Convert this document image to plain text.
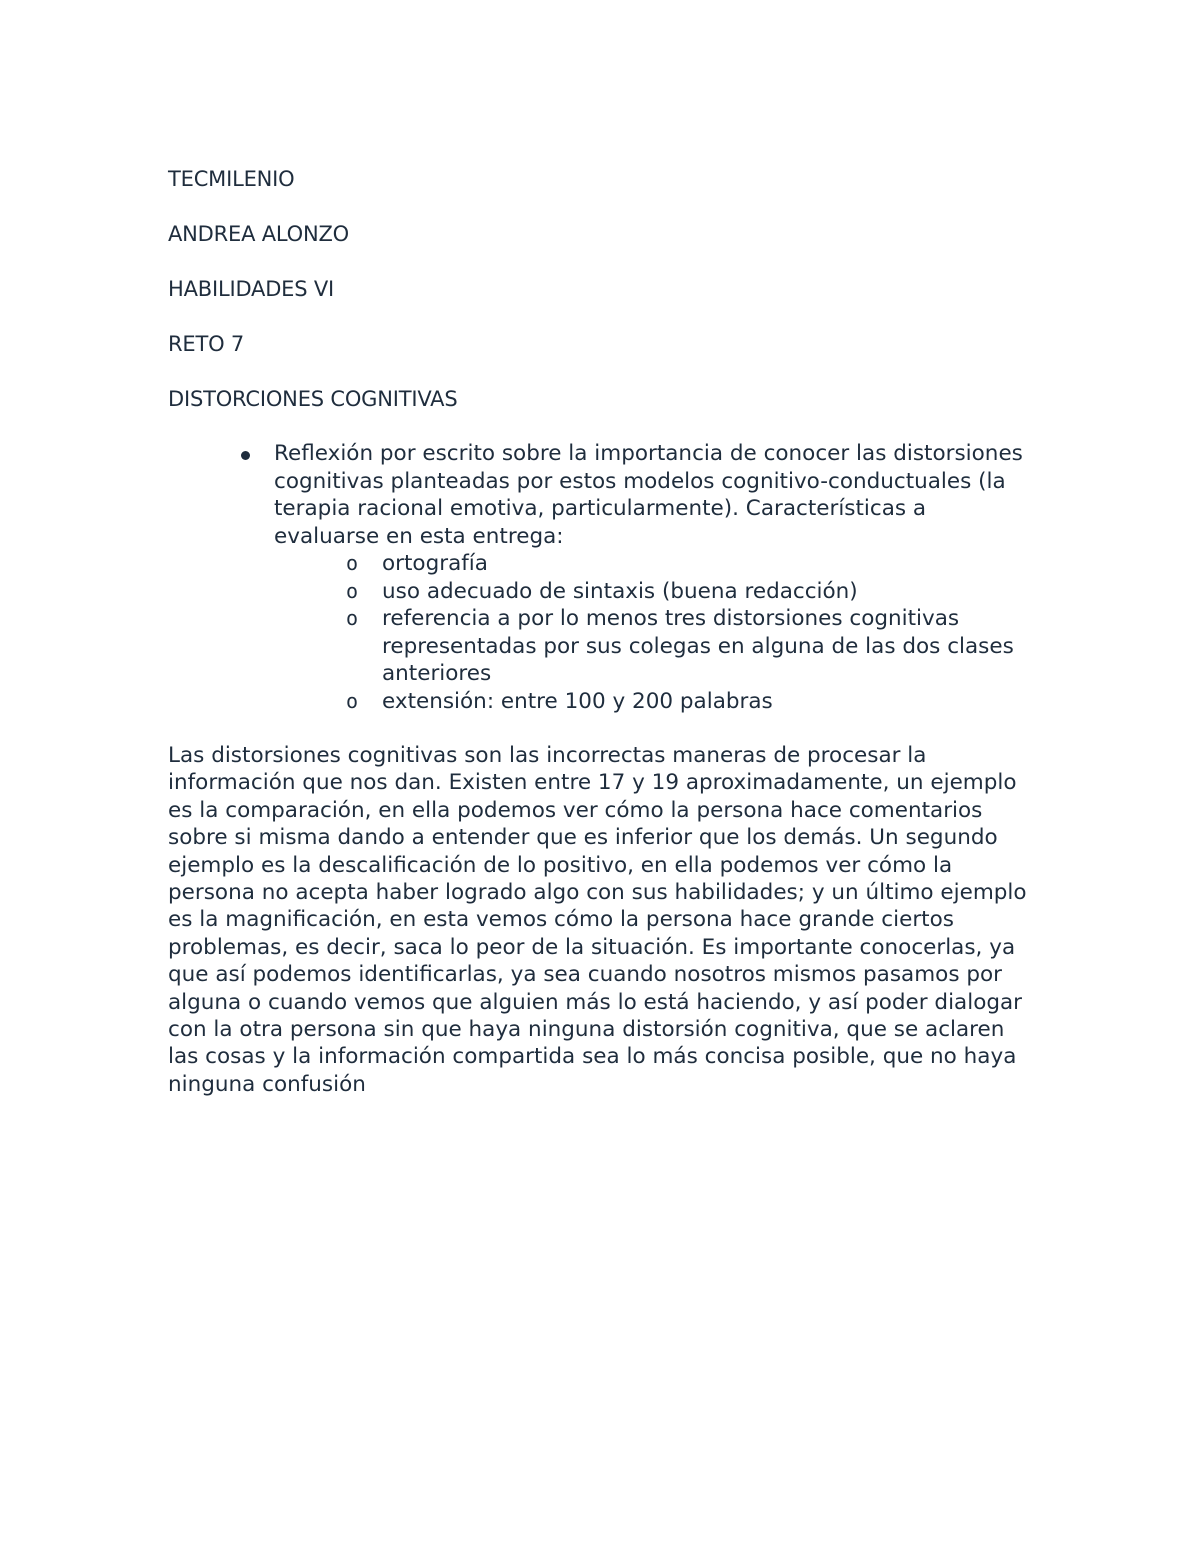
TECMILENIO
ANDREA ALONZO
HABILIDADES VI
RETO 7
DISTORCIONES COGNITIVAS
Reflexión por escrito sobre la importancia de conocer las distorsiones cognitivas planteadas por estos modelos cognitivo-conductuales (la terapia racional emotiva, particularmente). Características a evaluarse en esta entrega:
o ortografía
o uso adecuado de sintaxis (buena redacción)
o referencia a por lo menos tres distorsiones cognitivas representadas por sus colegas en alguna de las dos clases anteriores
o extensión: entre 100 y 200 palabras

Las distorsiones cognitivas son las incorrectas maneras de procesar la información que nos dan. Existen entre 17 y 19 aproximadamente, un ejemplo es la comparación, en ella podemos ver cómo la persona hace comentarios sobre si misma dando a entender que es inferior que los demás. Un segundo ejemplo es la descalificación de lo positivo, en ella podemos ver cómo la persona no acepta haber logrado algo con sus habilidades; y un último ejemplo es la magnificación, en esta vemos cómo la persona hace grande ciertos problemas, es decir, saca lo peor de la situación. Es importante conocerlas, ya que así podemos identificarlas, ya sea cuando nosotros mismos pasamos por alguna o cuando vemos que alguien más lo está haciendo, y así poder dialogar con la otra persona sin que haya ninguna distorsión cognitiva, que se aclaren las cosas y la información compartida sea lo más concisa posible, que no haya ninguna confusión
